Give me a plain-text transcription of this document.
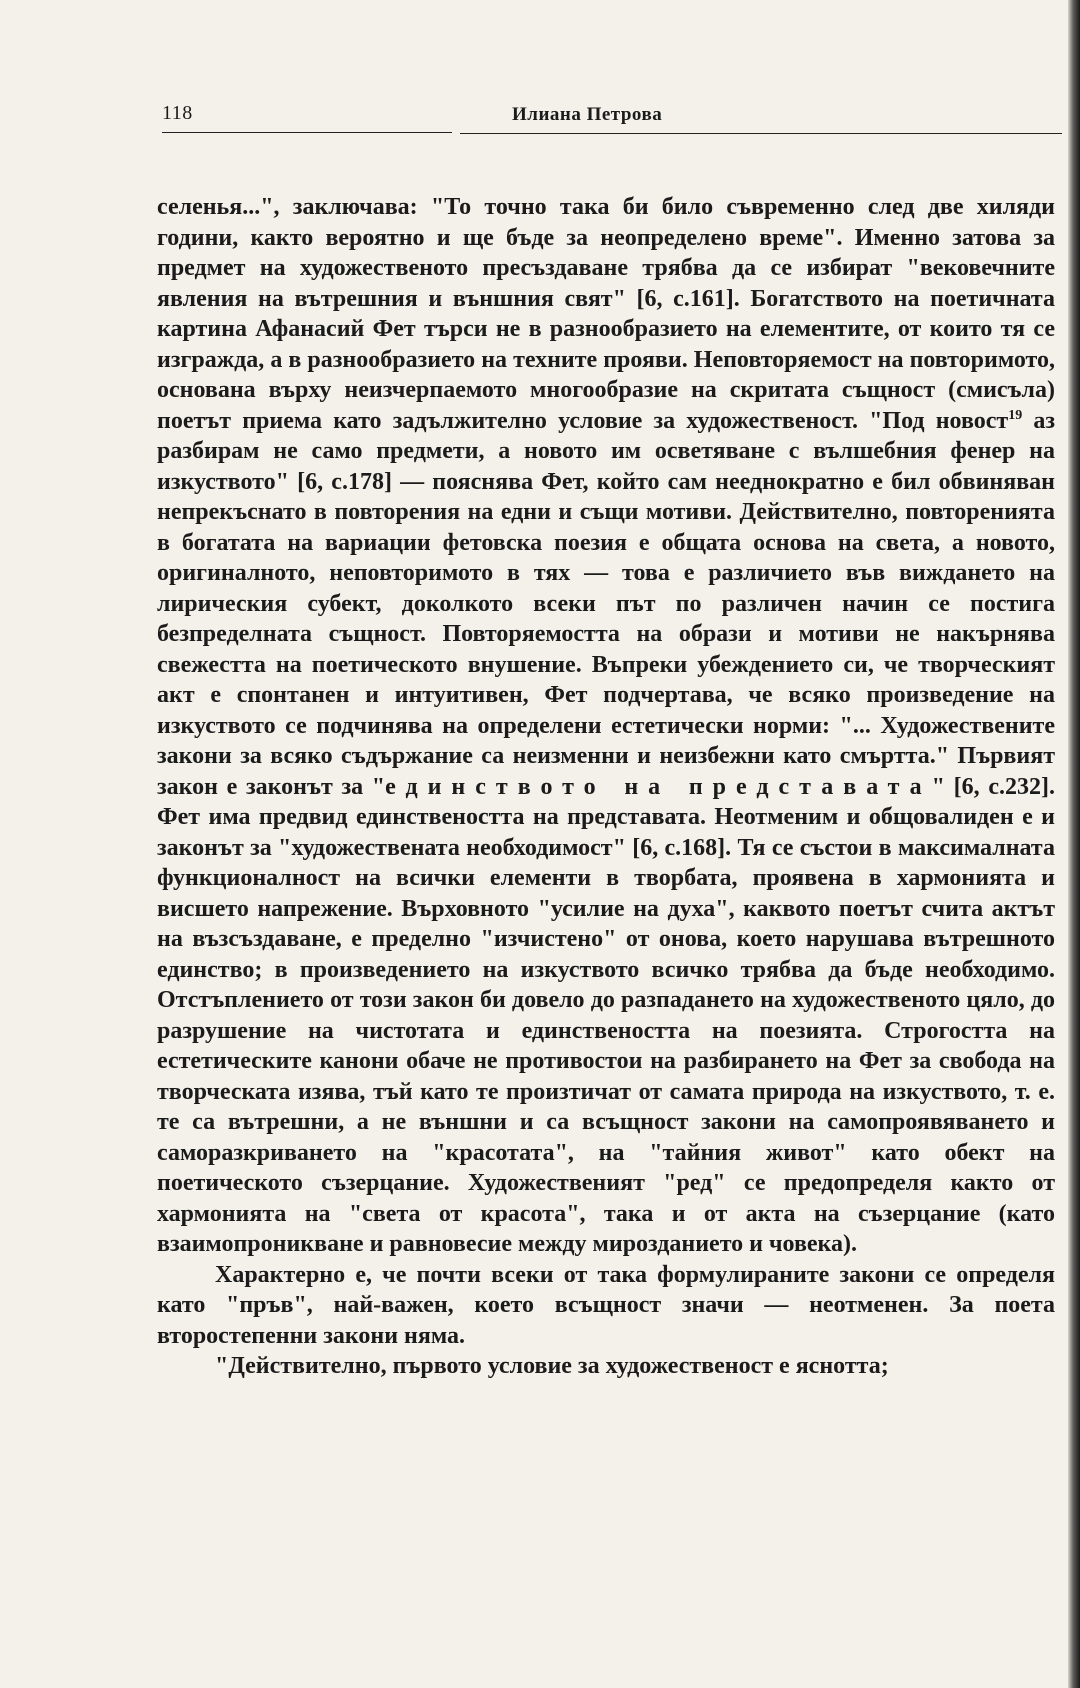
118	Илиана Петрова

селенья...", заключава: "То точно така би било съвременно след две хиляди години, както вероятно и ще бъде за неопределено време". Именно затова за предмет на художественото пресъздаване трябва да се избират "вековечните явления на вътрешния и външния свят" [6, с.161]. Богатството на поетичната картина Афанасий Фет търси не в разнообразието на елементите, от които тя се изгражда, а в разнообразието на техните прояви. Неповторяемост на повторимото, основана върху неизчерпаемото многообразие на скритата същност (смисъла) поетът приема като задължително условие за художественост. "Под новост$^{19}$ аз разбирам не само предмети, а новото им осветяване с вълшебния фенер на изкуството" [6, с.178] — пояснява Фет, който сам нееднократно е бил обвиняван непрекъснато в повторения на едни и същи мотиви. Действително, повторенията в богатата на вариации фетовска поезия е общата основа на света, а новото, оригиналното, неповторимото в тях — това е различието във виждането на лирическия субект, доколкото всеки път по различен начин се постига безпределната същност. Повторяемостта на образи и мотиви не накърнява свежестта на поетическото внушение. Въпреки убеждението си, че творческият акт е спонтанен и интуитивен, Фет подчертава, че всяко произведение на изкуството се подчинява на определени естетически норми: "... Художествените закони за всяко съдържание са неизменни и неизбежни като смъртта." Първият закон е законът за "единството на представата" [6, с.232]. Фет има предвид единствеността на представата. Неотменим и общовалиден е и законът за "художествената необходимост" [6, с.168]. Тя се състои в максималната функционалност на всички елементи в творбата, проявена в хармонията и висшето напрежение. Върховното "усилие на духа", каквото поетът счита актът на възсъздаване, е пределно "изчистено" от онова, което нарушава вътрешното единство; в произведението на изкуството всичко трябва да бъде необходимо. Отстъплението от този закон би довело до разпадането на художественото цяло, до разрушение на чистотата и единствеността на поезията. Строгостта на естетическите канони обаче не противостои на разбирането на Фет за свобода на творческата изява, тъй като те произтичат от самата природа на изкуството, т. е. те са вътрешни, а не външни и са всъщност закони на самопроявяването и саморазкриването на "красотата", на "тайния живот" като обект на поетическото съзерцание. Художественият "ред" се предопределя както от хармонията на "света от красота", така и от акта на съзерцание (като взаимопроникване и равновесие между мирозданието и човека).

Характерно е, че почти всеки от така формулираните закони се определя като "пръв", най-важен, което всъщност значи — неотменен. За поета второстепенни закони няма.

"Действително, първото условие за художественост е яснотта;
